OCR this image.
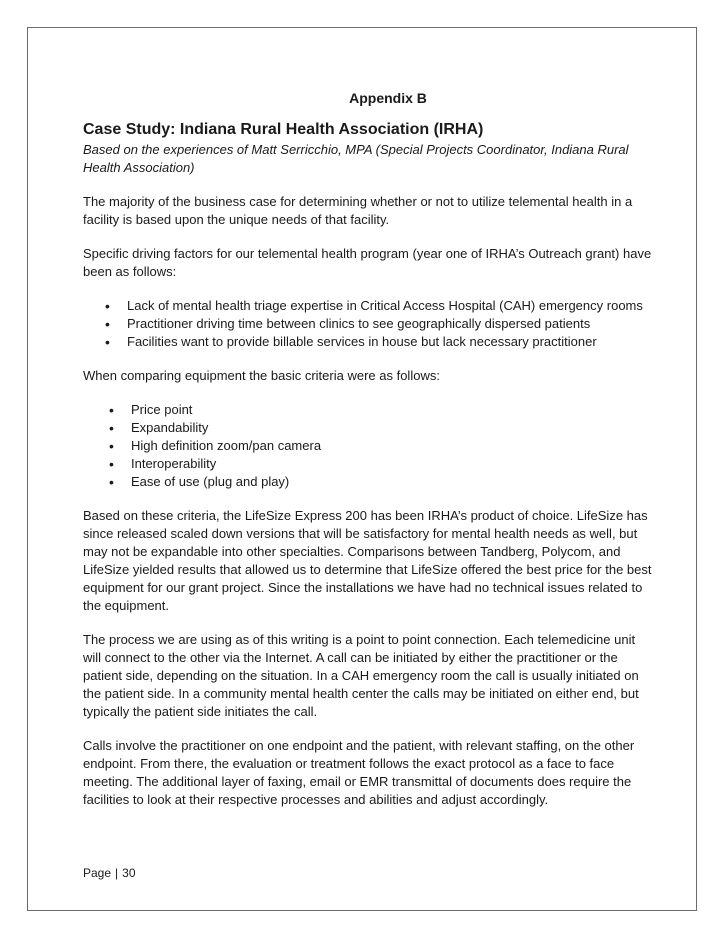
Appendix B
Case Study: Indiana Rural Health Association (IRHA)
Based on the experiences of Matt Serricchio, MPA (Special Projects Coordinator, Indiana Rural Health Association)

The majority of the business case for determining whether or not to utilize telemental health in a facility is based upon the unique needs of that facility.

Specific driving factors for our telemental health program (year one of IRHA’s Outreach grant) have been as follows:

• Lack of mental health triage expertise in Critical Access Hospital (CAH) emergency rooms
• Practitioner driving time between clinics to see geographically dispersed patients
• Facilities want to provide billable services in house but lack necessary practitioner

When comparing equipment the basic criteria were as follows:

• Price point
• Expandability
• High definition zoom/pan camera
• Interoperability
• Ease of use (plug and play)

Based on these criteria, the LifeSize Express 200 has been IRHA’s product of choice. LifeSize has since released scaled down versions that will be satisfactory for mental health needs as well, but may not be expandable into other specialties. Comparisons between Tandberg, Polycom, and LifeSize yielded results that allowed us to determine that LifeSize offered the best price for the best equipment for our grant project. Since the installations we have had no technical issues related to the equipment.

The process we are using as of this writing is a point to point connection. Each telemedicine unit will connect to the other via the Internet. A call can be initiated by either the practitioner or the patient side, depending on the situation. In a CAH emergency room the call is usually initiated on the patient side. In a community mental health center the calls may be initiated on either end, but typically the patient side initiates the call.

Calls involve the practitioner on one endpoint and the patient, with relevant staffing, on the other endpoint. From there, the evaluation or treatment follows the exact protocol as a face to face meeting. The additional layer of faxing, email or EMR transmittal of documents does require the facilities to look at their respective processes and abilities and adjust accordingly.

Page | 30
